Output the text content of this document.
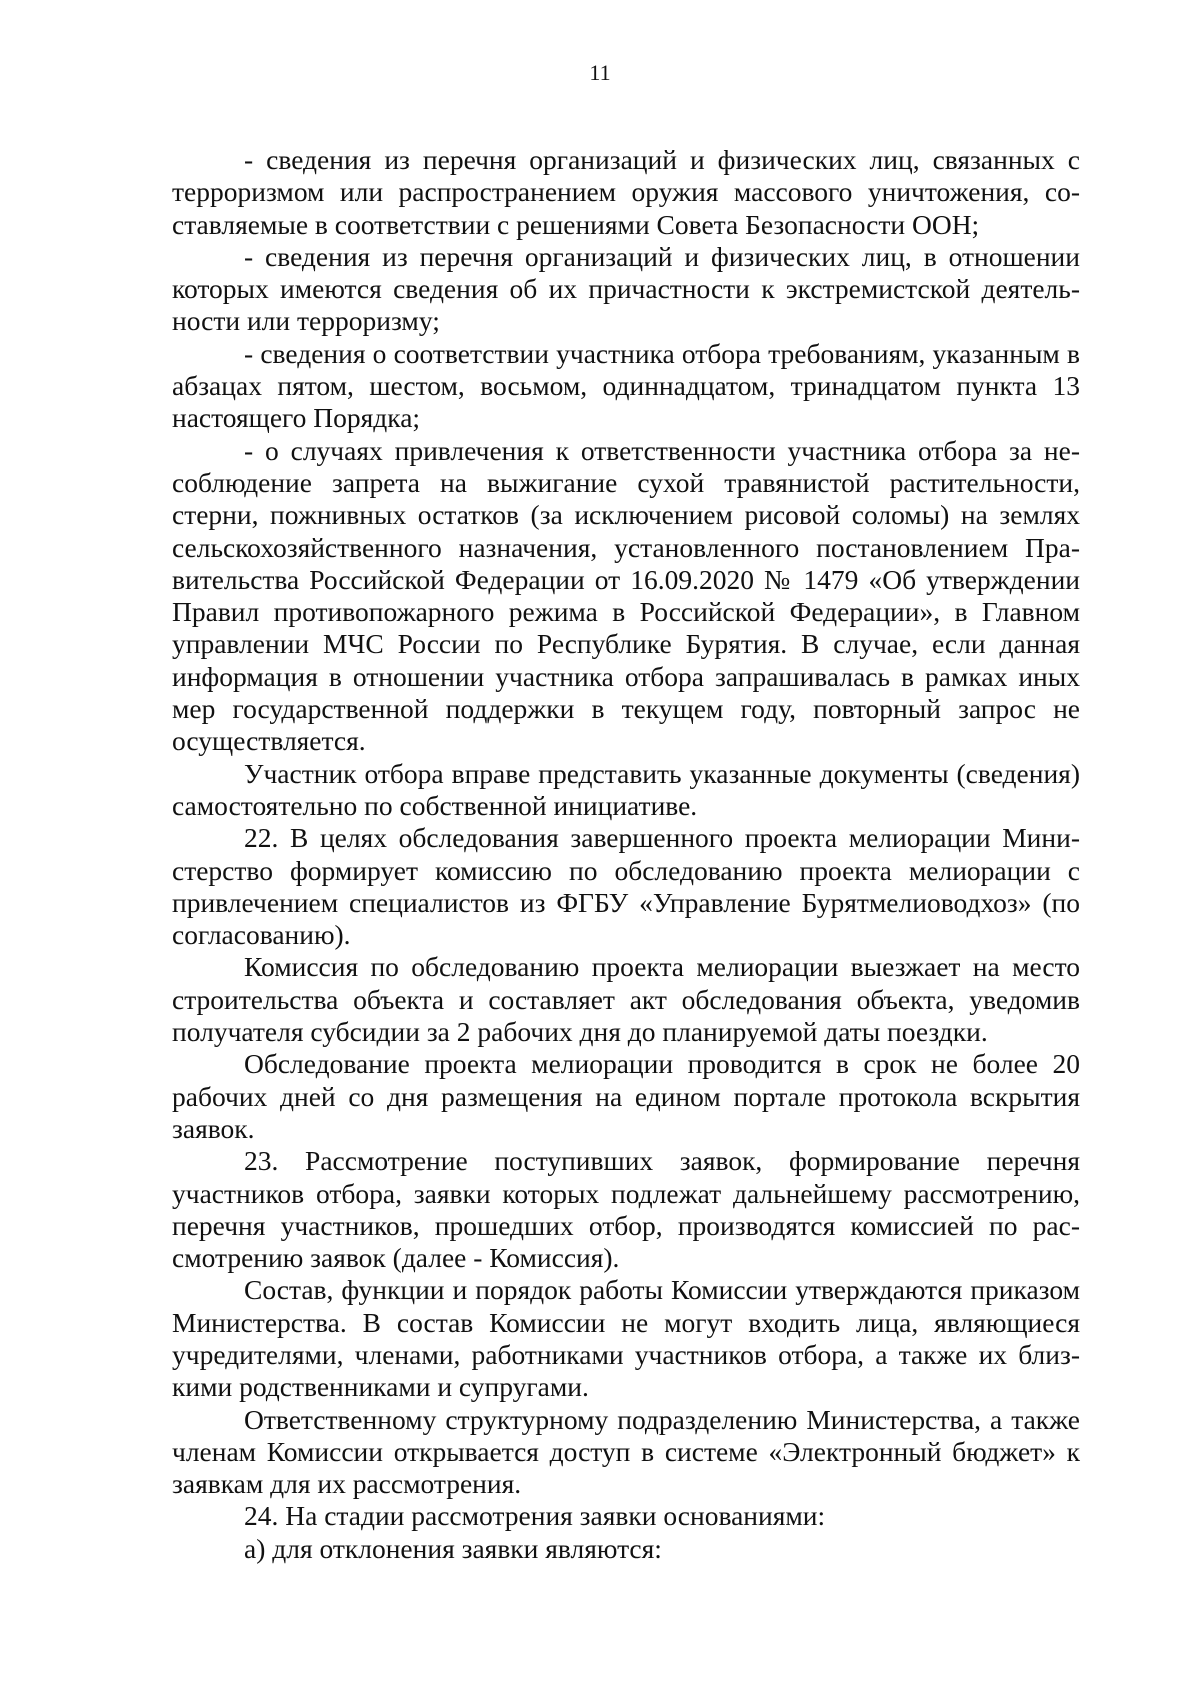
11

- сведения из перечня организаций и физических лиц, связанных с терроризмом или распространением оружия массового уничтожения, составляемые в соответствии с решениями Совета Безопасности ООН;

- сведения из перечня организаций и физических лиц, в отношении которых имеются сведения об их причастности к экстремистской деятельности или терроризму;

- сведения о соответствии участника отбора требованиям, указанным в абзацах пятом, шестом, восьмом, одиннадцатом, тринадцатом пункта 13 настоящего Порядка;

- о случаях привлечения к ответственности участника отбора за несоблюдение запрета на выжигание сухой травянистой растительности, стерни, пожнивных остатков (за исключением рисовой соломы) на землях сельскохозяйственного назначения, установленного постановлением Правительства Российской Федерации от 16.09.2020 № 1479 «Об утверждении Правил противопожарного режима в Российской Федерации», в Главном управлении МЧС России по Республике Бурятия. В случае, если данная информация в отношении участника отбора запрашивалась в рамках иных мер государственной поддержки в текущем году, повторный запрос не осуществляется.

Участник отбора вправе представить указанные документы (сведения) самостоятельно по собственной инициативе.

22. В целях обследования завершенного проекта мелиорации Министерство формирует комиссию по обследованию проекта мелиорации с привлечением специалистов из ФГБУ «Управление Бурятмелиоводхоз» (по согласованию).

Комиссия по обследованию проекта мелиорации выезжает на место строительства объекта и составляет акт обследования объекта, уведомив получателя субсидии за 2 рабочих дня до планируемой даты поездки.

Обследование проекта мелиорации проводится в срок не более 20 рабочих дней со дня размещения на едином портале протокола вскрытия заявок.

23. Рассмотрение поступивших заявок, формирование перечня участников отбора, заявки которых подлежат дальнейшему рассмотрению, перечня участников, прошедших отбор, производятся комиссией по рассмотрению заявок (далее - Комиссия).

Состав, функции и порядок работы Комиссии утверждаются приказом Министерства. В состав Комиссии не могут входить лица, являющиеся учредителями, членами, работниками участников отбора, а также их близкими родственниками и супругами.

Ответственному структурному подразделению Министерства, а также членам Комиссии открывается доступ в системе «Электронный бюджет» к заявкам для их рассмотрения.

24. На стадии рассмотрения заявки основаниями:

а) для отклонения заявки являются:
